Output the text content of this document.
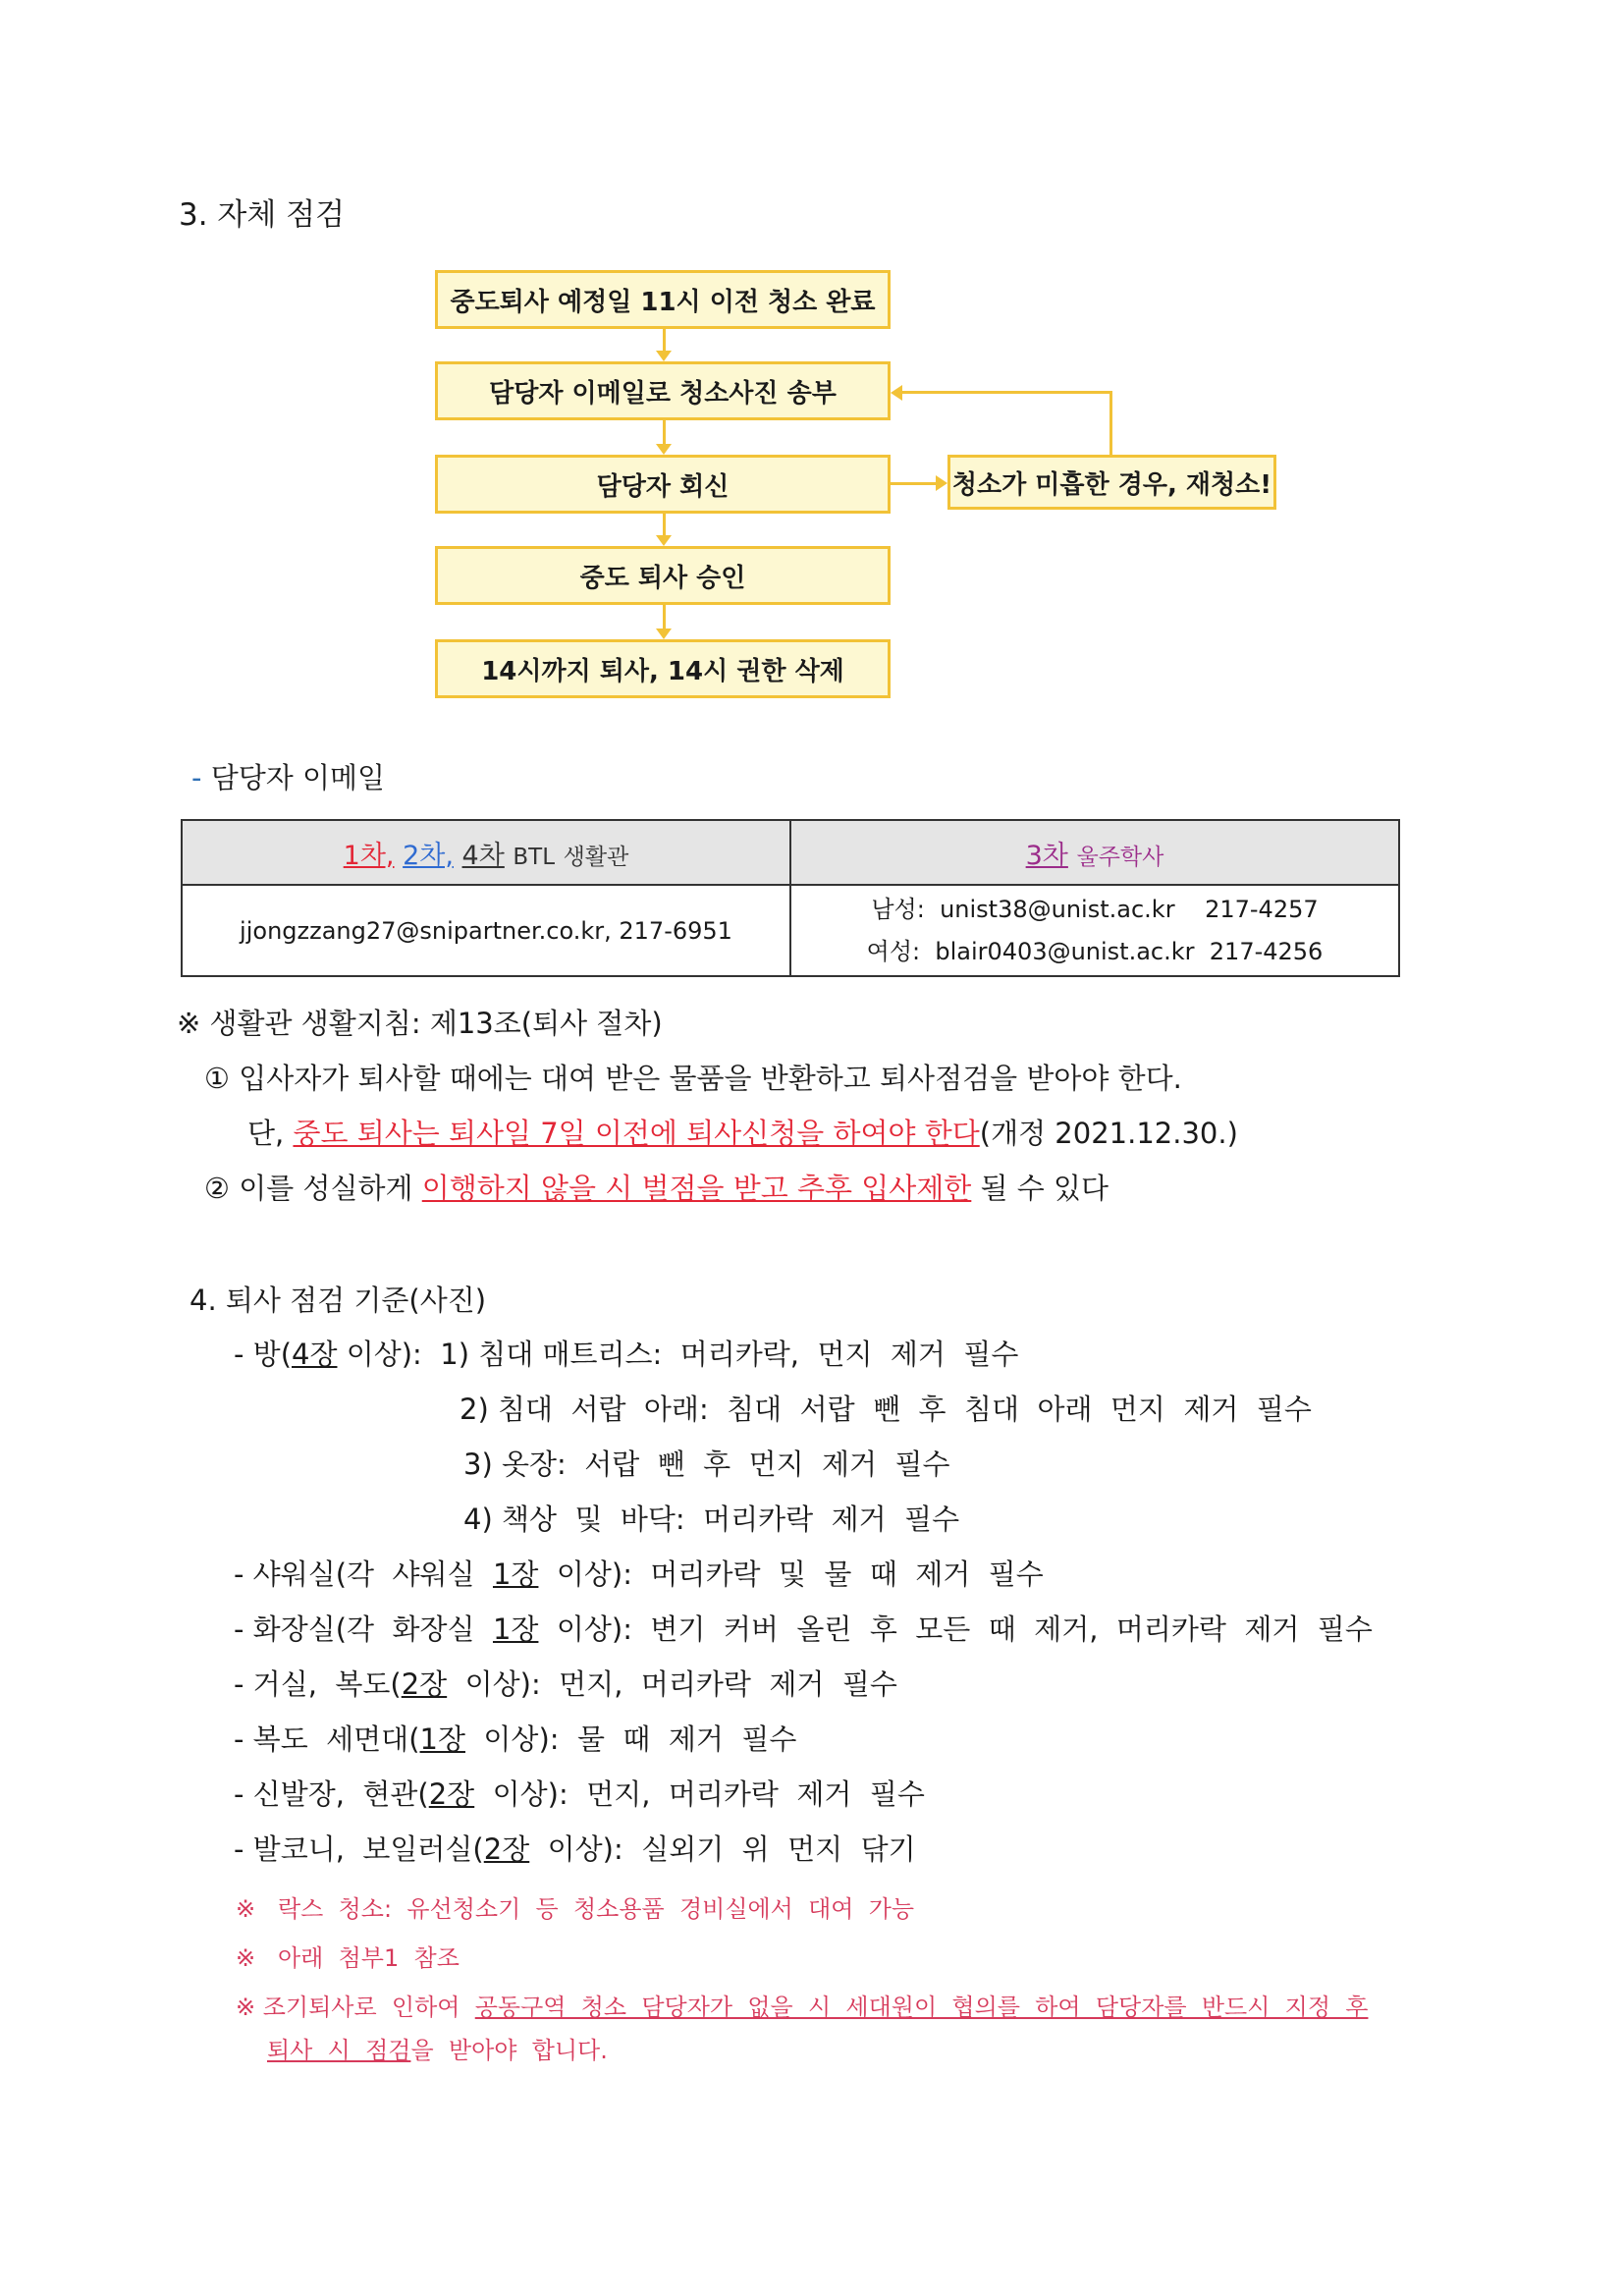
3. 자체 점검
중도퇴사 예정일 11시 이전 청소 완료
담당자 이메일로 청소사진 송부
담당자 회신
중도 퇴사 승인
14시까지 퇴사, 14시 권한 삭제
청소가 미흡한 경우, 재청소!
- 담당자 이메일
1차, 2차, 4차 BTL 생활관	3차 울주학사
jjongzzang27@snipartner.co.kr, 217-6951	남성:  unist38@unist.ac.kr    217-4257
여성:  blair0403@unist.ac.kr  217-4256
※ 생활관 생활지침: 제13조(퇴사 절차)
① 입사자가 퇴사할 때에는 대여 받은 물품을 반환하고 퇴사점검을 받아야 한다.
단, 중도 퇴사는 퇴사일 7일 이전에 퇴사신청을 하여야 한다(개정 2021.12.30.)
② 이를 성실하게 이행하지 않을 시 벌점을 받고 추후 입사제한 될 수 있다
4. 퇴사 점검 기준(사진)
- 방(4장 이상):  1) 침대 매트리스:  머리카락,  먼지  제거  필수
2) 침대  서랍  아래:  침대  서랍  뺀  후  침대  아래  먼지  제거  필수
3) 옷장:  서랍  뺀  후  먼지  제거  필수
4) 책상  및  바닥:  머리카락  제거  필수
- 샤워실(각  샤워실  1장  이상):  머리카락  및  물  때  제거  필수
- 화장실(각  화장실  1장  이상):  변기  커버  올린  후  모든  때  제거,  머리카락  제거  필수
- 거실,  복도(2장  이상):  먼지,  머리카락  제거  필수
- 복도  세면대(1장  이상):  물  때  제거  필수
- 신발장,  현관(2장  이상):  먼지,  머리카락  제거  필수
- 발코니,  보일러실(2장  이상):  실외기  위  먼지  닦기
※   락스  청소:  유선청소기  등  청소용품  경비실에서  대여  가능
※   아래  첨부1  참조
※ 조기퇴사로  인하여  공동구역  청소  담당자가  없을  시  세대원이  협의를  하여  담당자를  반드시  지정  후
퇴사  시  점검을  받아야  합니다.
